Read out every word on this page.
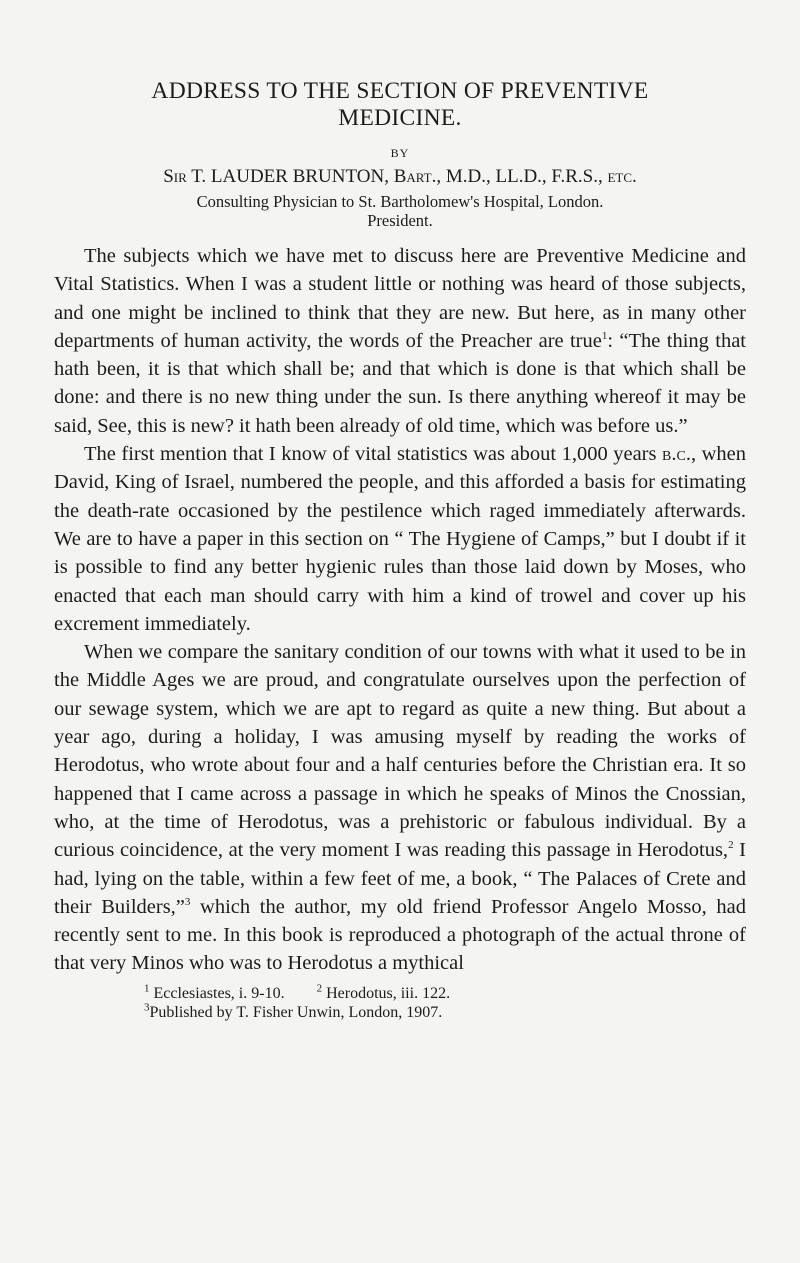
ADDRESS TO THE SECTION OF PREVENTIVE
MEDICINE.
BY
Sir T. LAUDER BRUNTON, Bart., M.D., LL.D., F.R.S., etc.
Consulting Physician to St. Bartholomew's Hospital, London.
President.

The subjects which we have met to discuss here are Preventive Medicine and Vital Statistics. When I was a student little or nothing was heard of those subjects, and one might be inclined to think that they are new. But here, as in many other departments of human activity, the words of the Preacher are true$^1$: “The thing that hath been, it is that which shall be; and that which is done is that which shall be done: and there is no new thing under the sun. Is there anything whereof it may be said, See, this is new? it hath been already of old time, which was before us.”

The first mention that I know of vital statistics was about 1,000 years b.c., when David, King of Israel, numbered the people, and this afforded a basis for estimating the death-rate occasioned by the pestilence which raged immediately afterwards. We are to have a paper in this section on “ The Hygiene of Camps,” but I doubt if it is possible to find any better hygienic rules than those laid down by Moses, who enacted that each man should carry with him a kind of trowel and cover up his excrement immediately.

When we compare the sanitary condition of our towns with what it used to be in the Middle Ages we are proud, and congratulate ourselves upon the perfection of our sewage system, which we are apt to regard as quite a new thing. But about a year ago, during a holiday, I was amusing myself by reading the works of Herodotus, who wrote about four and a half centuries before the Christian era. It so happened that I came across a passage in which he speaks of Minos the Cnossian, who, at the time of Herodotus, was a prehistoric or fabulous individual. By a curious coincidence, at the very moment I was reading this passage in Herodotus,$^2$ I had, lying on the table, within a few feet of me, a book, “ The Palaces of Crete and their Builders,”$^3$ which the author, my old friend Professor Angelo Mosso, had recently sent to me. In this book is reproduced a photograph of the actual throne of that very Minos who was to Herodotus a mythical

$^1$ Ecclesiastes, i. 9-10.	$^2$ Herodotus, iii. 122.
$^3$Published by T. Fisher Unwin, London, 1907.
